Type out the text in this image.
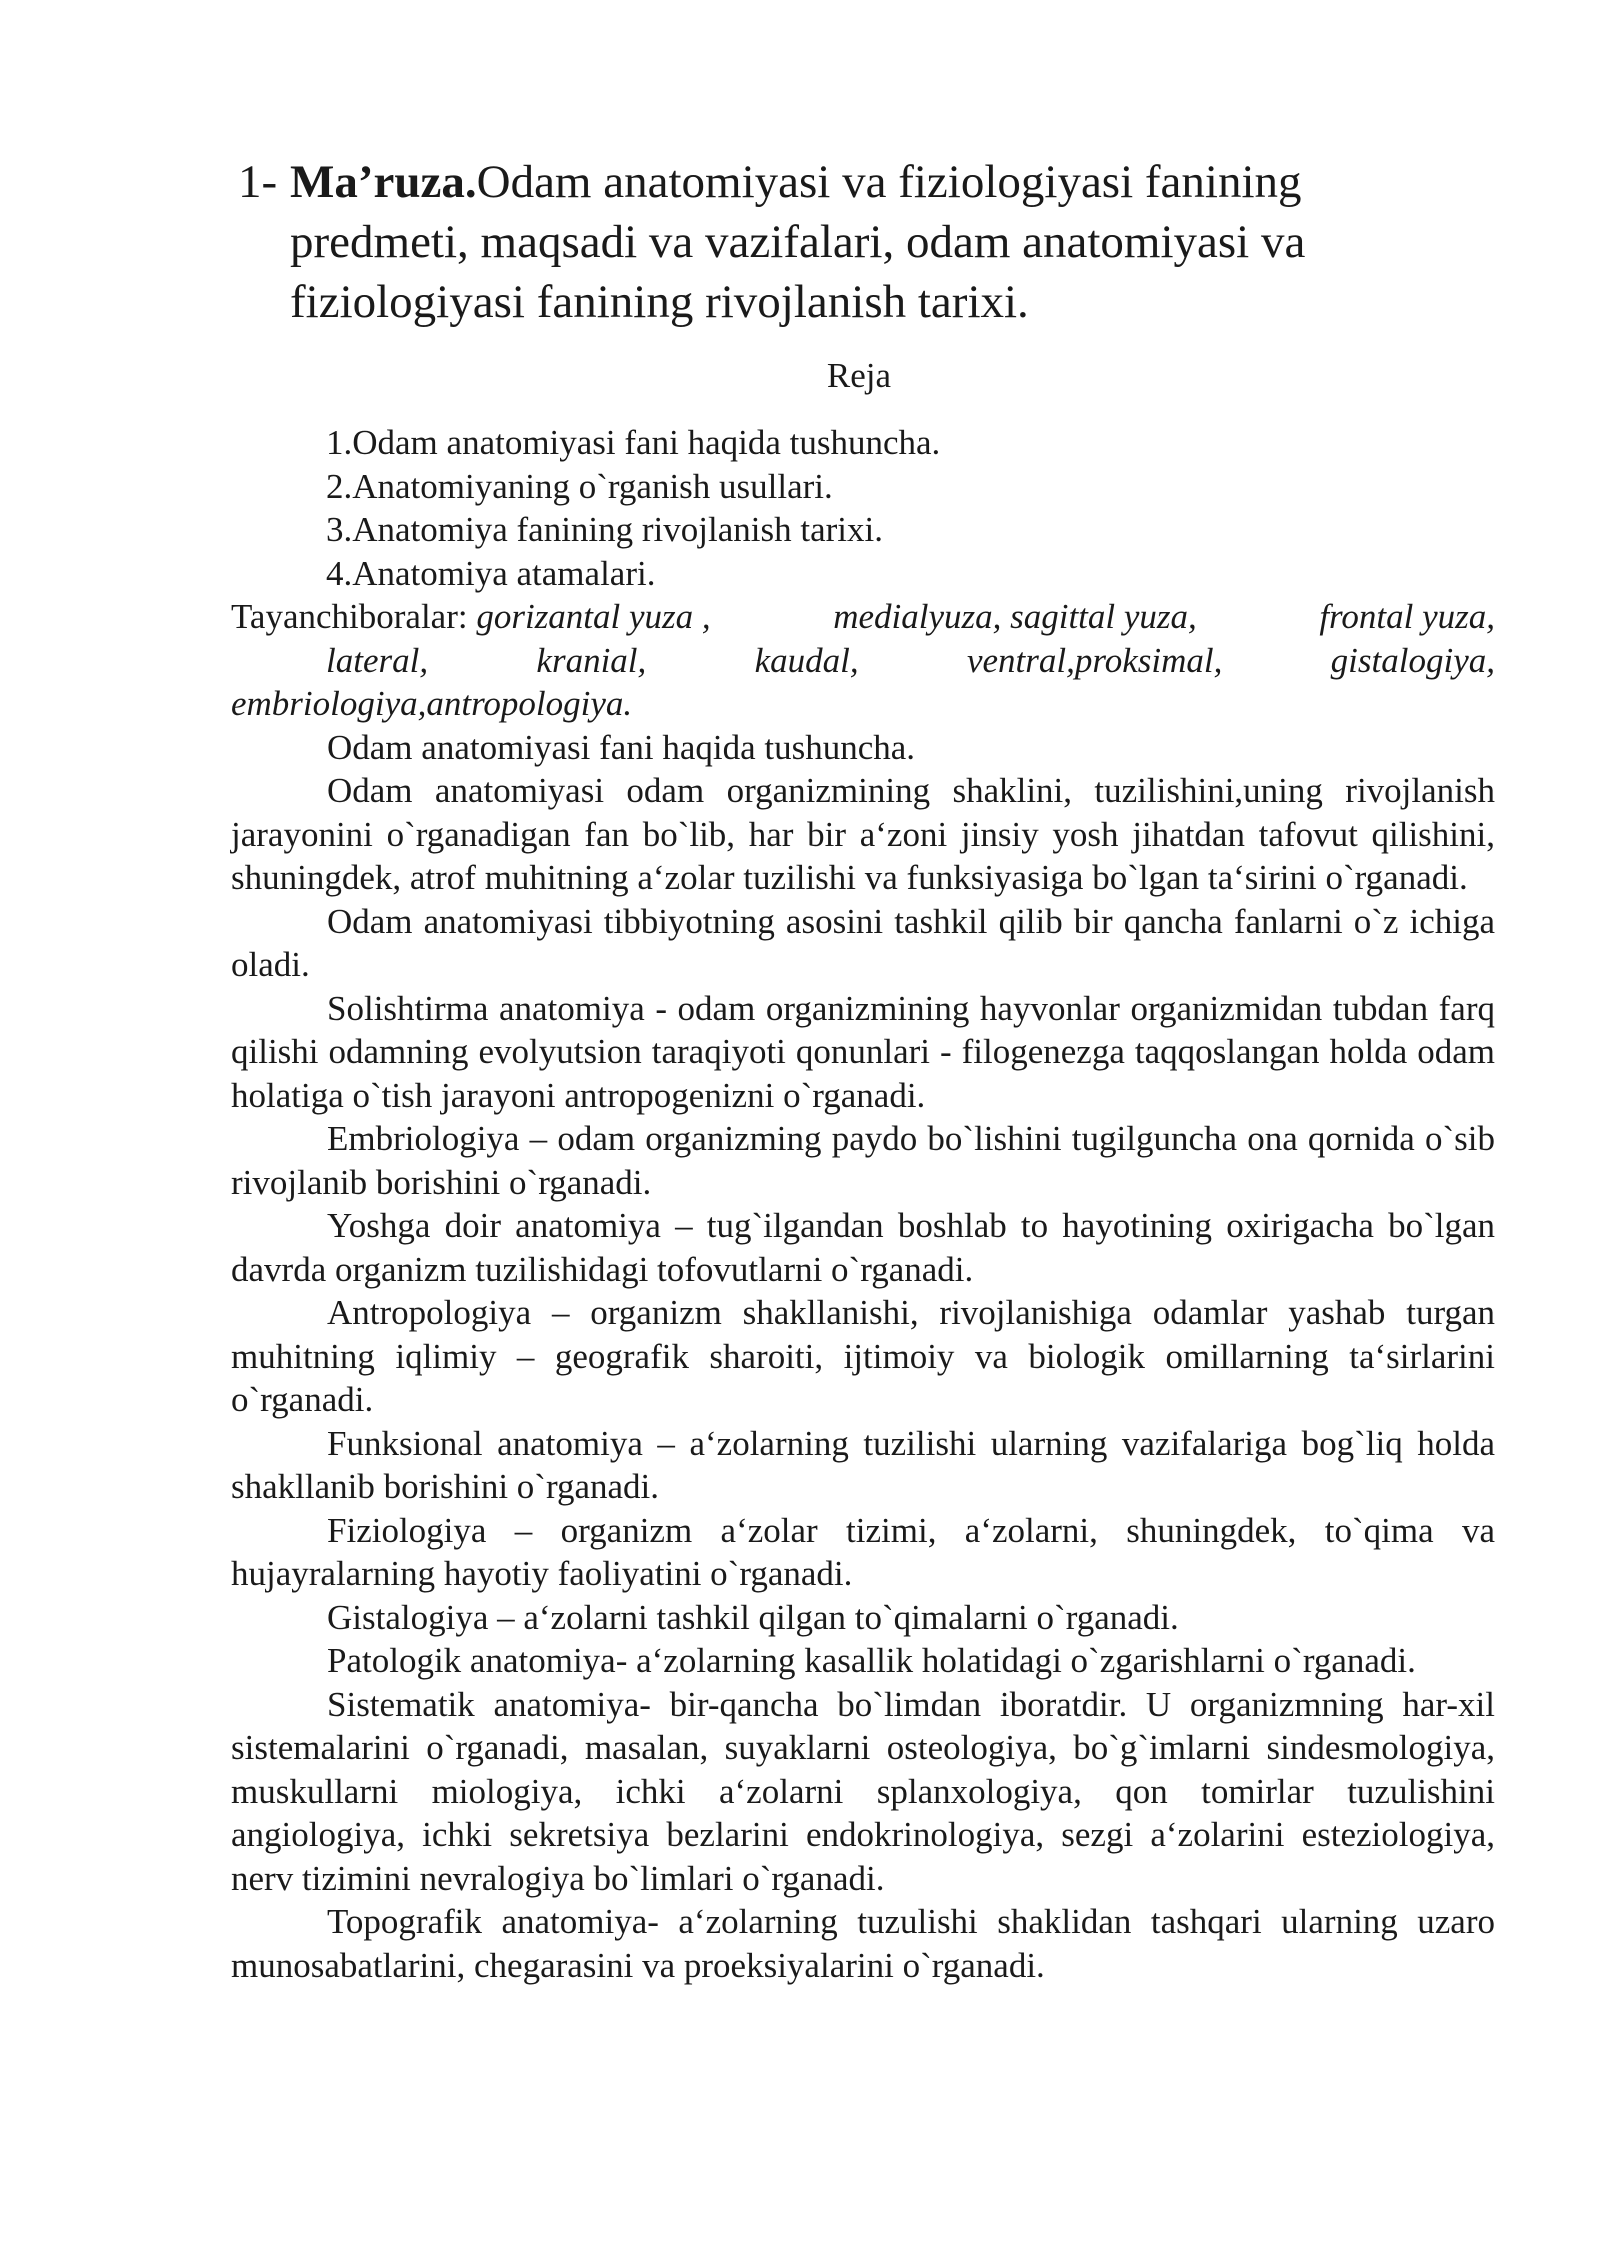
1- Ma’ruza.Odam anatomiyasi va fiziologiyasi fanining predmeti, maqsadi va vazifalari, odam anatomiyasi va fiziologiyasi fanining rivojlanish tarixi.
Reja
1.Odam anatomiyasi fani haqida tushuncha.
2.Anatomiyaning o`rganish usullari.
3.Anatomiya fanining rivojlanish tarixi.
4.Anatomiya atamalari.
Tayanchiboralar: gorizantal yuza ,	medialyuza, sagittal yuza,	frontal yuza,
lateral,	kranial,	kaudal,	ventral,proksimal,	gistalogiya,
embriologiya,antropologiya.

Odam anatomiyasi fani haqida tushuncha.

Odam anatomiyasi odam organizmining shaklini, tuzilishini,uning rivojlanish jarayonini o`rganadigan fan bo`lib, har bir a‘zoni jinsiy yosh jihatdan tafovut qilishini, shuningdek, atrof muhitning a‘zolar tuzilishi va funksiyasiga bo`lgan ta‘sirini o`rganadi.

Odam anatomiyasi tibbiyotning asosini tashkil qilib bir qancha fanlarni o`z ichiga oladi.

Solishtirma anatomiya - odam organizmining hayvonlar organizmidan tubdan farq qilishi odamning evolyutsion taraqiyoti qonunlari - filogenezga taqqoslangan holda odam holatiga o`tish jarayoni antropogenizni o`rganadi.

Embriologiya – odam organizming paydo bo`lishini tugilguncha ona qornida o`sib rivojlanib borishini o`rganadi.

Yoshga doir anatomiya – tug`ilgandan boshlab to hayotining oxirigacha bo`lgan davrda organizm tuzilishidagi tofovutlarni o`rganadi.

Antropologiya – organizm shakllanishi, rivojlanishiga odamlar yashab turgan muhitning iqlimiy – geografik sharoiti, ijtimoiy va biologik omillarning ta‘sirlarini o`rganadi.

Funksional anatomiya – a‘zolarning tuzilishi ularning vazifalariga bog`liq holda shakllanib borishini o`rganadi.

Fiziologiya – organizm a‘zolar tizimi, a‘zolarni, shuningdek, to`qima va hujayralarning hayotiy faoliyatini o`rganadi.

Gistalogiya – a‘zolarni tashkil qilgan to`qimalarni o`rganadi.

Patologik anatomiya- a‘zolarning kasallik holatidagi o`zgarishlarni o`rganadi.

Sistematik anatomiya- bir-qancha bo`limdan iboratdir. U organizmning har-xil sistemalarini o`rganadi, masalan, suyaklarni osteologiya, bo`g`imlarni sindesmologiya, muskullarni miologiya, ichki a‘zolarni splanxologiya, qon tomirlar tuzulishini angiologiya, ichki sekretsiya bezlarini endokrinologiya, sezgi a‘zolarini esteziologiya, nerv tizimini nevralogiya bo`limlari o`rganadi.

Topografik anatomiya- a‘zolarning tuzulishi shaklidan tashqari ularning uzaro munosabatlarini, chegarasini va proeksiyalarini o`rganadi.
